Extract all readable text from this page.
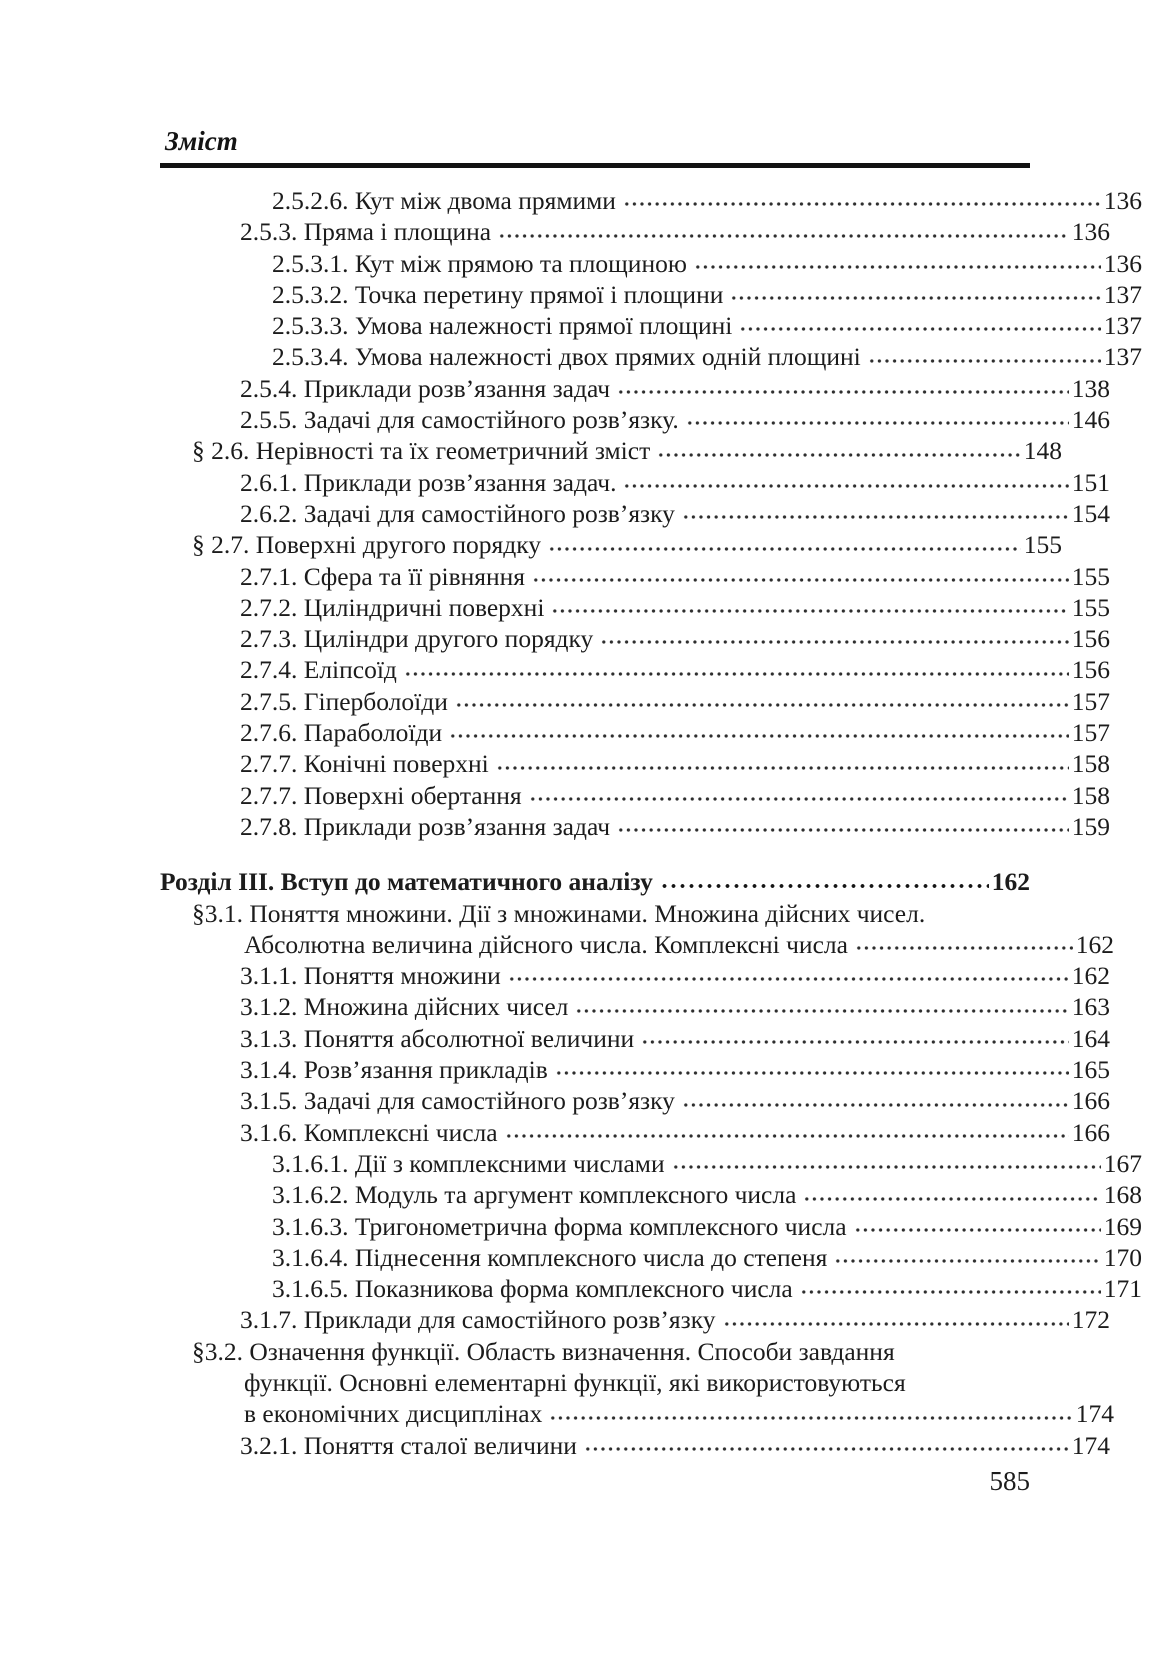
Зміст
2.5.2.6. Кут між двома прямими	136
2.5.3. Пряма і площина	136
2.5.3.1. Кут між прямою та площиною	136
2.5.3.2. Точка перетину прямої і площини	137
2.5.3.3. Умова належності прямої площині	137
2.5.3.4. Умова належності двох прямих одній площині	137
2.5.4. Приклади розв’язання задач	138
2.5.5. Задачі для самостійного розв’язку.	146
§ 2.6. Нерівності та їх геометричний зміст	148
2.6.1. Приклади розв’язання задач.	151
2.6.2. Задачі для самостійного розв’язку	154
§ 2.7. Поверхні другого порядку	155
2.7.1. Сфера та її рівняння	155
2.7.2. Циліндричні поверхні	155
2.7.3. Циліндри другого порядку	156
2.7.4. Еліпсоїд	156
2.7.5. Гіперболоїди	157
2.7.6. Параболоїди	157
2.7.7. Конічні поверхні	158
2.7.7. Поверхні обертання	158
2.7.8. Приклади розв’язання задач	159
Розділ III. Вступ до математичного аналізу	162
§3.1. Поняття множини. Дії з множинами. Множина дійсних чисел.
Абсолютна величина дійсного числа. Комплексні числа	162
3.1.1. Поняття множини	162
3.1.2. Множина дійсних чисел	163
3.1.3. Поняття абсолютної величини	164
3.1.4. Розв’язання прикладів	165
3.1.5. Задачі для самостійного розв’язку	166
3.1.6. Комплексні числа	166
3.1.6.1. Дії з комплексними числами	167
3.1.6.2. Модуль та аргумент комплексного числа	168
3.1.6.3. Тригонометрична форма комплексного числа	169
3.1.6.4. Піднесення комплексного числа до степеня	170
3.1.6.5. Показникова форма комплексного числа	171
3.1.7. Приклади для самостійного розв’язку	172
§3.2. Означення функції. Область визначення. Способи завдання
функції. Основні елементарні функції, які використовуються
в економічних дисциплінах	174
3.2.1. Поняття сталої величини	174
585
